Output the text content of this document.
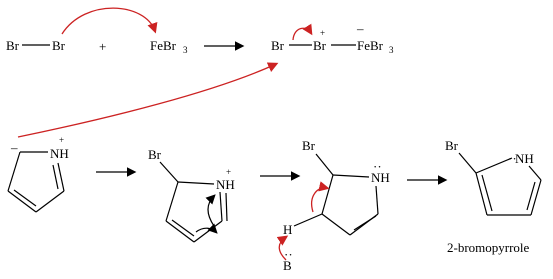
Br	Br	+	FeBr 3	Br Br
+
FeBr 3
–
–	NH
+
Br
NH
+
Br
NH
··
H
B
··
Br
NH
··
2-bromopyrrole
